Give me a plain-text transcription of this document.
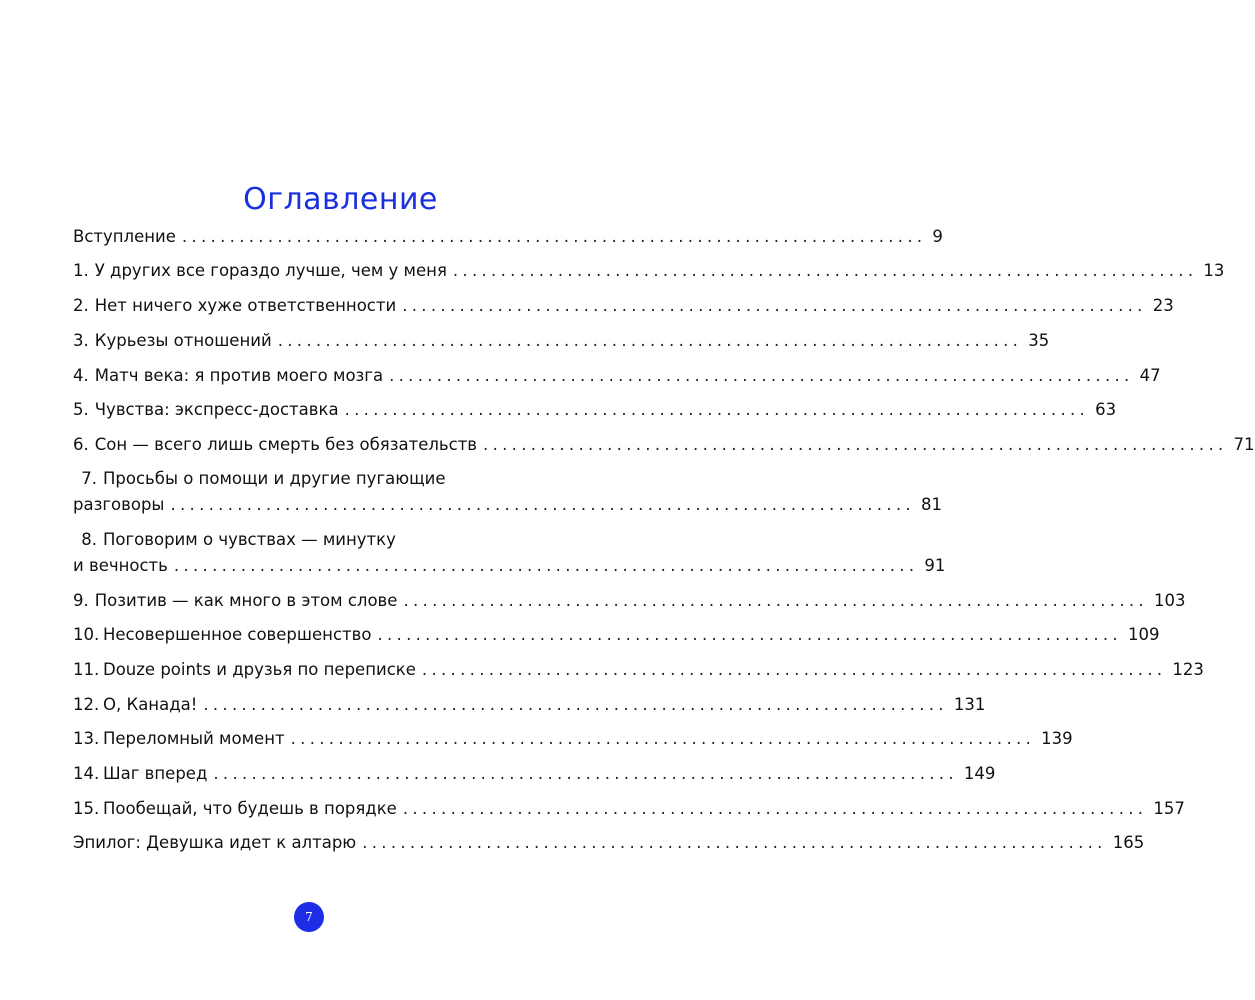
Оглавление
Вступление .............................................................................. 9
1. У других все гораздо лучше, чем у меня .............................................................................. 13
2. Нет ничего хуже ответственности .............................................................................. 23
3. Курьезы отношений .............................................................................. 35
4. Матч века: я против моего мозга .............................................................................. 47
5. Чувства: экспресс-доставка .............................................................................. 63
6. Сон — всего лишь смерть без обязательств .............................................................................. 71
7. Просьбы о помощи и другие пугающие
разговоры .............................................................................. 81
8. Поговорим о чувствах — минутку
и вечность .............................................................................. 91
9. Позитив — как много в этом слове .............................................................................. 103
10. Несовершенное совершенство .............................................................................. 109
11. Douze points и друзья по переписке .............................................................................. 123
12. О, Канада! .............................................................................. 131
13. Переломный момент .............................................................................. 139
14. Шаг вперед .............................................................................. 149
15. Пообещай, что будешь в порядке .............................................................................. 157
Эпилог: Девушка идет к алтарю .............................................................................. 165
7
